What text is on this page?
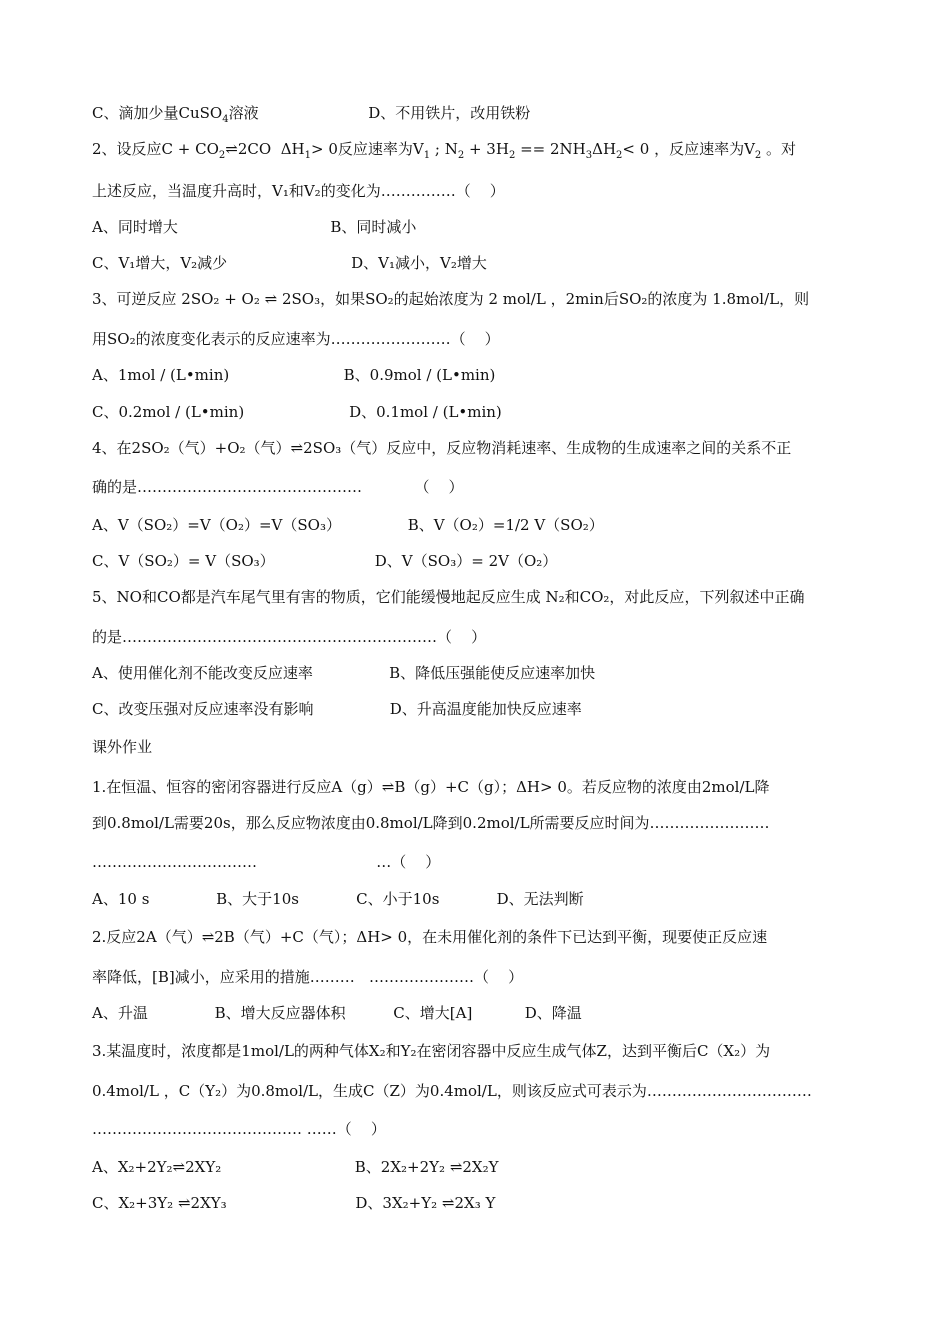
C、滴加少量CuSO$_4$溶液                       D、不用铁片，改用铁粉
2、设反应$C + CO_2\rightleftharpoons 2CO$  $\Delta H_1> 0$反应速率为$V_1$ ; $N_2 + 3H_2 == 2NH_3\Delta H_2< 0$ ，反应速率为$V_2$ 。对
上述反应，当温度升高时，V₁和V₂的变化为……………（    ）
A、同时增大                                B、同时减小
C、V₁增大，V₂减少                          D、V₁减小，V₂增大
3、可逆反应 2SO₂ + O₂ ⇌ 2SO₃，如果SO₂的起始浓度为 2 mol/L ，2min后SO₂的浓度为 1.8mol/L，则
用SO₂的浓度变化表示的反应速率为……………………（    ）
A、1mol / (L•min)                        B、0.9mol / (L•min)
C、0.2mol / (L•min)                      D、0.1mol / (L•min)
4、在2SO₂（气）+O₂（气）⇌2SO₃（气）反应中，反应物消耗速率、生成物的生成速率之间的关系不正
确的是………………………………………           （    ）
A、V（SO₂）=V（O₂）=V（SO₃）              B、V（O₂）=1/2 V（SO₂）
C、V（SO₂）= V（SO₃）                     D、V（SO₃）= 2V（O₂）
5、NO和CO都是汽车尾气里有害的物质，它们能缓慢地起反应生成 N₂和CO₂，对此反应，下列叙述中正确
的是………………………………………………………（    ）
A、使用催化剂不能改变反应速率                B、降低压强能使反应速率加快
C、改变压强对反应速率没有影响                D、升高温度能加快反应速率
课外作业
1.在恒温、恒容的密闭容器进行反应A（g）⇌B（g）+C（g）；ΔH> 0。若反应物的浓度由2mol/L降
到0.8mol/L需要20s，那么反应物浓度由0.8mol/L降到0.2mol/L所需要反应时间为……………………
……………………………                         …（    ）
A、10 s              B、大于10s            C、小于10s            D、无法判断
2.反应2A（气）⇌2B（气）+C（气）；ΔH> 0，在未用催化剂的条件下已达到平衡，现要使正反应速
率降低，[B]减小，应采用的措施………   …………………（    ）
A、升温              B、增大反应器体积          C、增大[A]           D、降温
3.某温度时，浓度都是1mol/L的两种气体X₂和Y₂在密闭容器中反应生成气体Z，达到平衡后C（X₂）为
0.4mol/L ，C（Y₂）为0.8mol/L，生成C（Z）为0.4mol/L，则该反应式可表示为……………………………
…………………………………… ……（    ）
A、X₂+2Y₂⇌2XY₂                            B、2X₂+2Y₂ ⇌2X₂Y
C、X₂+3Y₂ ⇌2XY₃                           D、3X₂+Y₂ ⇌2X₃ Y
